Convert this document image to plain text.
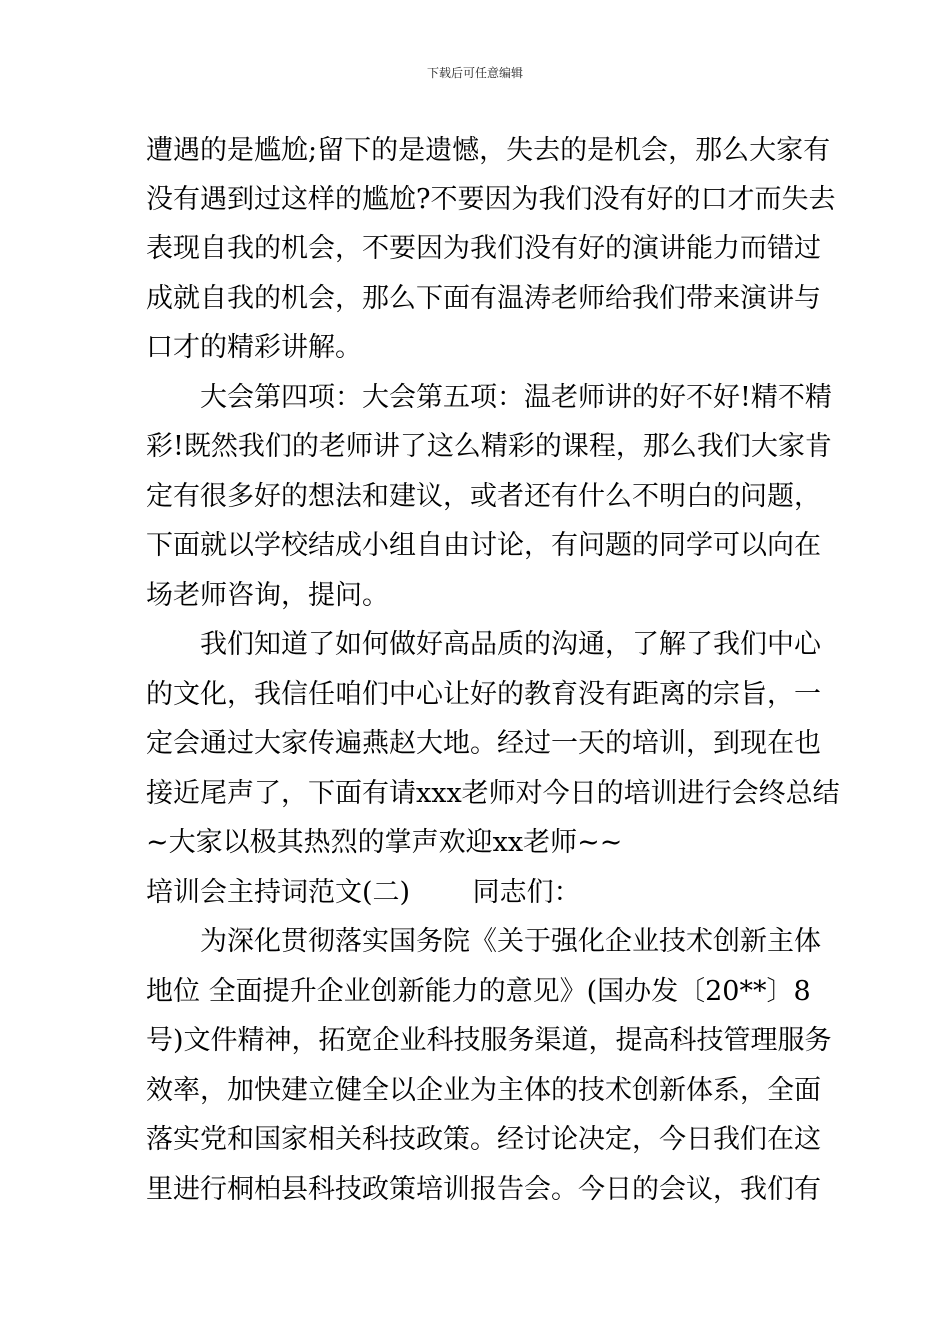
下载后可任意编辑
遭遇的是尴尬;留下的是遗憾，失去的是机会，那么大家有
没有遇到过这样的尴尬?不要因为我们没有好的口才而失去
表现自我的机会，不要因为我们没有好的演讲能力而错过
成就自我的机会，那么下面有温涛老师给我们带来演讲与
口才的精彩讲解。
　　大会第四项：大会第五项：温老师讲的好不好!精不精
彩!既然我们的老师讲了这么精彩的课程，那么我们大家肯
定有很多好的想法和建议，或者还有什么不明白的问题，
下面就以学校结成小组自由讨论，有问题的同学可以向在
场老师咨询，提问。
　　我们知道了如何做好高品质的沟通，了解了我们中心
的文化，我信任咱们中心让好的教育没有距离的宗旨，一
定会通过大家传遍燕赵大地。经过一天的培训，到现在也
接近尾声了，下面有请xxx老师对今日的培训进行会终总结
~大家以极其热烈的掌声欢迎xx老师~~
培训会主持词范文(二)　　 同志们：
　　为深化贯彻落实国务院《关于强化企业技术创新主体
地位 全面提升企业创新能力的意见》(国办发〔20**〕8
号)文件精神，拓宽企业科技服务渠道，提高科技管理服务
效率，加快建立健全以企业为主体的技术创新体系，全面
落实党和国家相关科技政策。经讨论决定，今日我们在这
里进行桐柏县科技政策培训报告会。今日的会议，我们有
